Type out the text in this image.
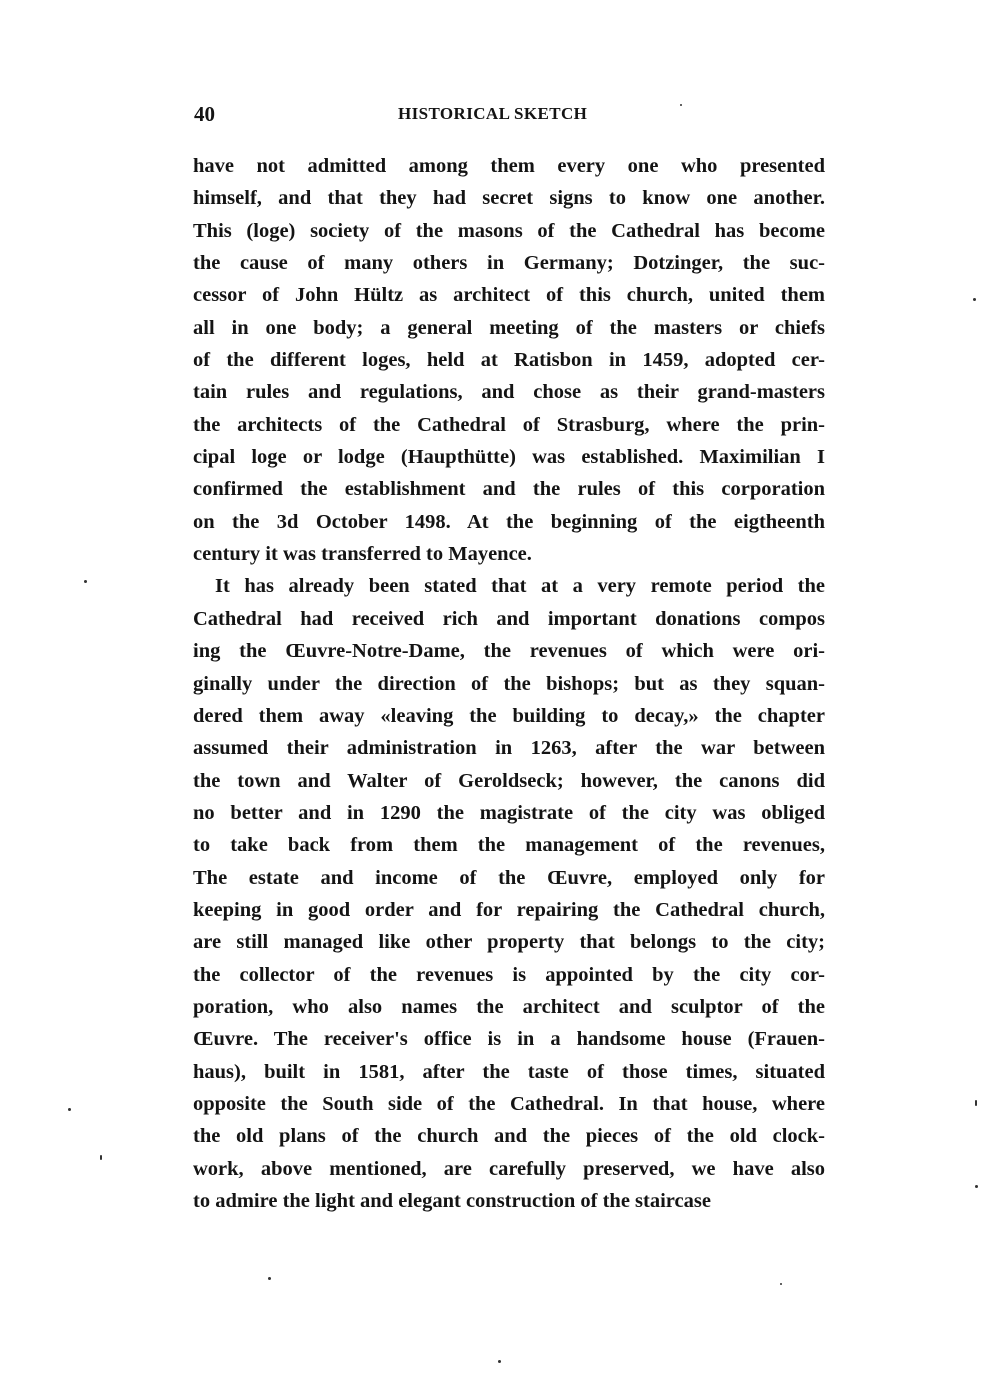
40	HISTORICAL SKETCH
have not admitted among them every one who presented
himself, and that they had secret signs to know one another.
This (loge) society of the masons of the Cathedral has become
the cause of many others in Germany; Dotzinger, the suc-
cessor of John Hültz as architect of this church, united them
all in one body; a general meeting of the masters or chiefs
of the different loges, held at Ratisbon in 1459, adopted cer-
tain rules and regulations, and chose as their grand-masters
the architects of the Cathedral of Strasburg, where the prin-
cipal loge or lodge (Haupthütte) was established. Maximilian I
confirmed the establishment and the rules of this corporation
on the 3d October 1498. At the beginning of the eigtheenth
century it was transferred to Mayence.
It has already been stated that at a very remote period the
Cathedral had received rich and important donations compos
ing the Œuvre-Notre-Dame, the revenues of which were ori-
ginally under the direction of the bishops; but as they squan-
dered them away «leaving the building to decay,» the chapter
assumed their administration in 1263, after the war between
the town and Walter of Geroldseck; however, the canons did
no better and in 1290 the magistrate of the city was obliged
to take back from them the management of the revenues,
The estate and income of the Œuvre, employed only for
keeping in good order and for repairing the Cathedral church,
are still managed like other property that belongs to the city;
the collector of the revenues is appointed by the city cor-
poration, who also names the architect and sculptor of the
Œuvre. The receiver's office is in a handsome house (Frauen-
haus), built in 1581, after the taste of those times, situated
opposite the South side of the Cathedral. In that house, where
the old plans of the church and the pieces of the old clock-
work, above mentioned, are carefully preserved, we have also
to admire the light and elegant construction of the staircase
